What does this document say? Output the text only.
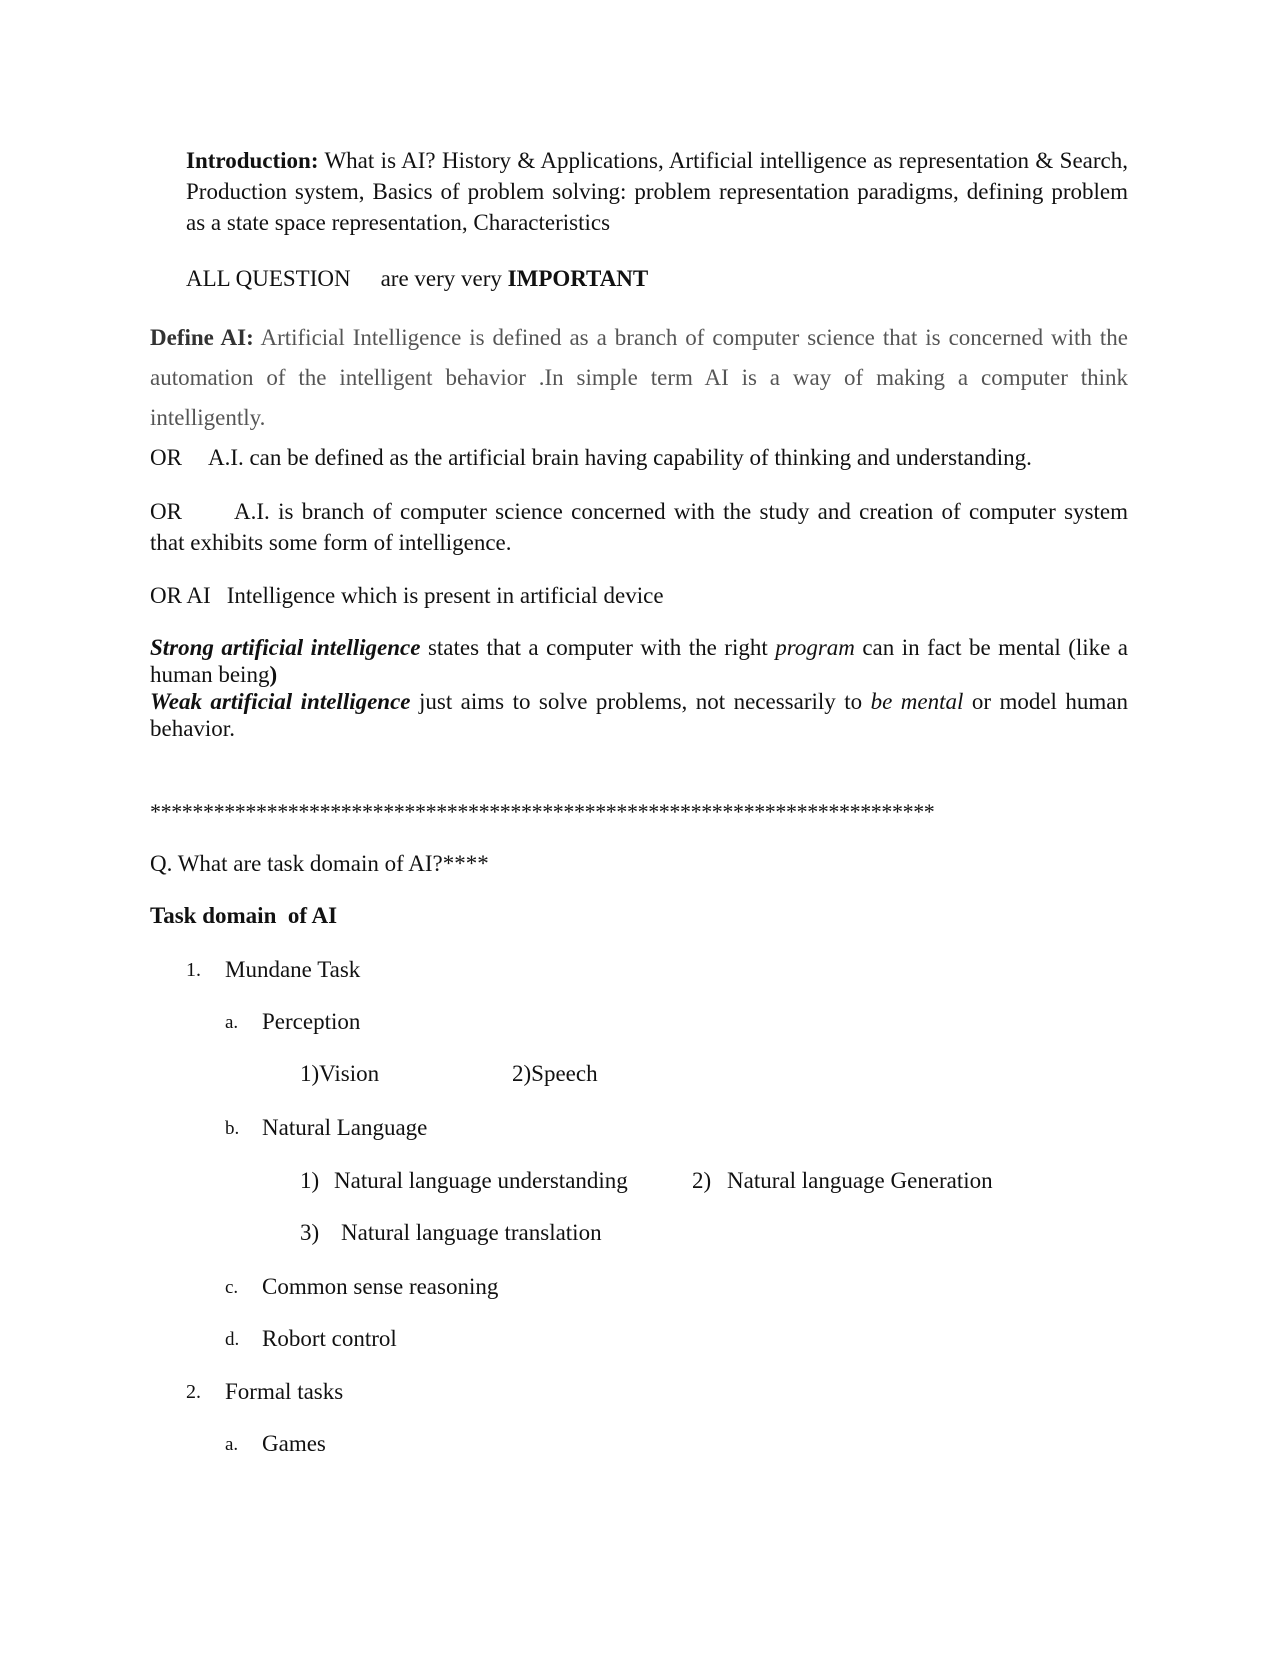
Introduction: What is AI? History & Applications, Artificial intelligence as representation & Search, Production system, Basics of problem solving: problem representation paradigms, defining problem as a state space representation, Characteristics

ALL QUESTION are very very IMPORTANT

Define AI: Artificial Intelligence is defined as a branch of computer science that is concerned with the automation of the intelligent behavior .In simple term AI is a way of making a computer think intelligently.

OR A.I. can be defined as the artificial brain having capability of thinking and understanding.
OR	A.I. is branch of computer science concerned with the study and creation of computer system that exhibits some form of intelligence.

OR AI Intelligence which is present in artificial device

Strong artificial intelligence states that a computer with the right program can in fact be mental (like a human being)

Weak artificial intelligence just aims to solve problems, not necessarily to be mental or model human behavior.

**************************************************************************
Q. What are task domain of AI?****
Task domain  of AI
1. Mundane Task
a. Perception
1)Vision	2)Speech
b. Natural Language
1) Natural language understanding	2) Natural language Generation
3) Natural language translation
c. Common sense reasoning
d. Robort control
2. Formal tasks
a. Games
